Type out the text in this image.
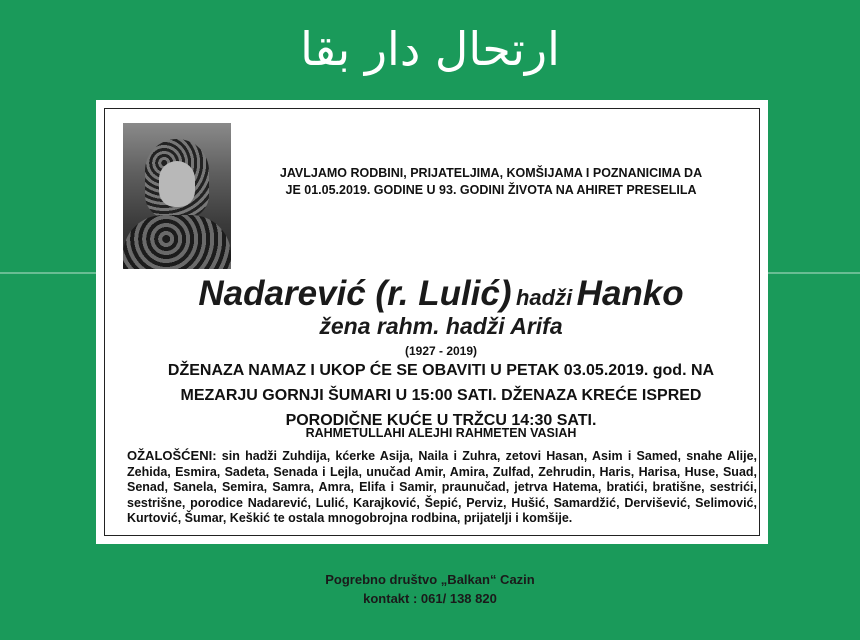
ارتحال دار بقا
JAVLJAMO RODBINI, PRIJATELJIMA, KOMŠIJAMA I POZNANICIMA DA
JE 01.05.2019. GODINE U 93. GODINI ŽIVOTA NA AHIRET PRESELILA
Nadarević (r. Lulić) hadži Hanko
žena rahm. hadži Arifa
(1927 - 2019)
DŽENAZA NAMAZ I UKOP ĆE SE OBAVITI U PETAK 03.05.2019. god. NA
MEZARJU GORNJI ŠUMARI U 15:00 SATI. DŽENAZA KREĆE ISPRED
PORODIČNE KUĆE U TRŽCU 14:30 SATI.
RAHMETULLAHI ALEJHI RAHMETEN VASIAH
OŽALOŠĆENI: sin hadži Zuhdija, kćerke Asija, Naila i Zuhra, zetovi Hasan, Asim i Samed, snahe Alije, Zehida, Esmira, Sadeta, Senada i Lejla, unučad Amir, Amira, Zulfad, Zehrudin, Haris, Harisa, Huse, Suad, Senad, Sanela, Semira, Samra, Amra, Elifa i Samir, praunučad, jetrva Hatema, bratići, bratišne, sestrići, sestrišne, porodice Nadarević, Lulić, Karajković, Šepić, Perviz, Hušić, Samardžić, Dervišević, Selimović, Kurtović, Šumar, Keškić te ostala mnogobrojna rodbina, prijatelji i komšije.
Pogrebno društvo „Balkan“ Cazin
kontakt : 061/ 138 820
